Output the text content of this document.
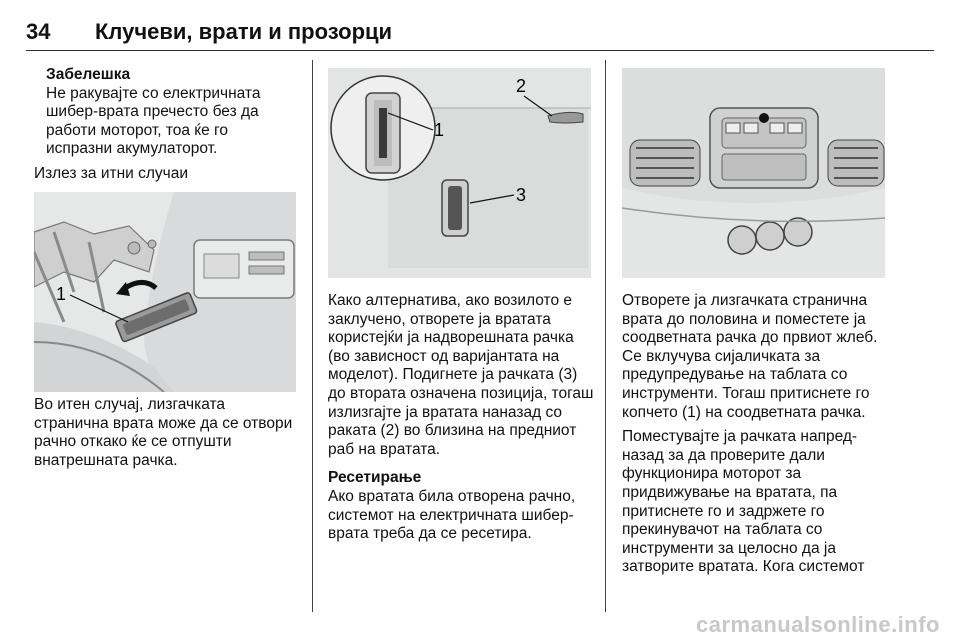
34 Клучеви, врати и прозорци

Забелешка

Не ракувајте со електричната шибер-врата пречесто без да работи моторот, тоа ќе го испразни акумулаторот.

Излез за итни случаи

1

Во итен случај, лизгачката странична врата може да се отвори рачно откако ќе се отпушти внатрешната рачка.

1
2
3

Како алтернатива, ако возилото е заклучено, отворете ја вратата користејќи ја надворешната рачка (во зависност од варијантата на моделот). Подигнете ја рачката (3) до втората означена позиција, тогаш излизгајте ја вратата наназад со раката (2) во близина на предниот раб на вратата.

Ресетирање

Ако вратата била отворена рачно, системот на електричната шибер-врата треба да се ресетира.

Отворете ја лизгачката странична врата до половина и поместете ја соодветната рачка до првиот жлеб. Се вклучува сијаличката за предупредување на таблата со инструменти. Тогаш притиснете го копчето (1) на соодветната рачка.

Поместувајте ја рачката напред-назад за да проверите дали функционира моторот за придвижување на вратата, па притиснете го и задржете го прекинувачот на таблата со инструменти за целосно да ја затворите вратата. Кога системот

carmanualsonline.info
